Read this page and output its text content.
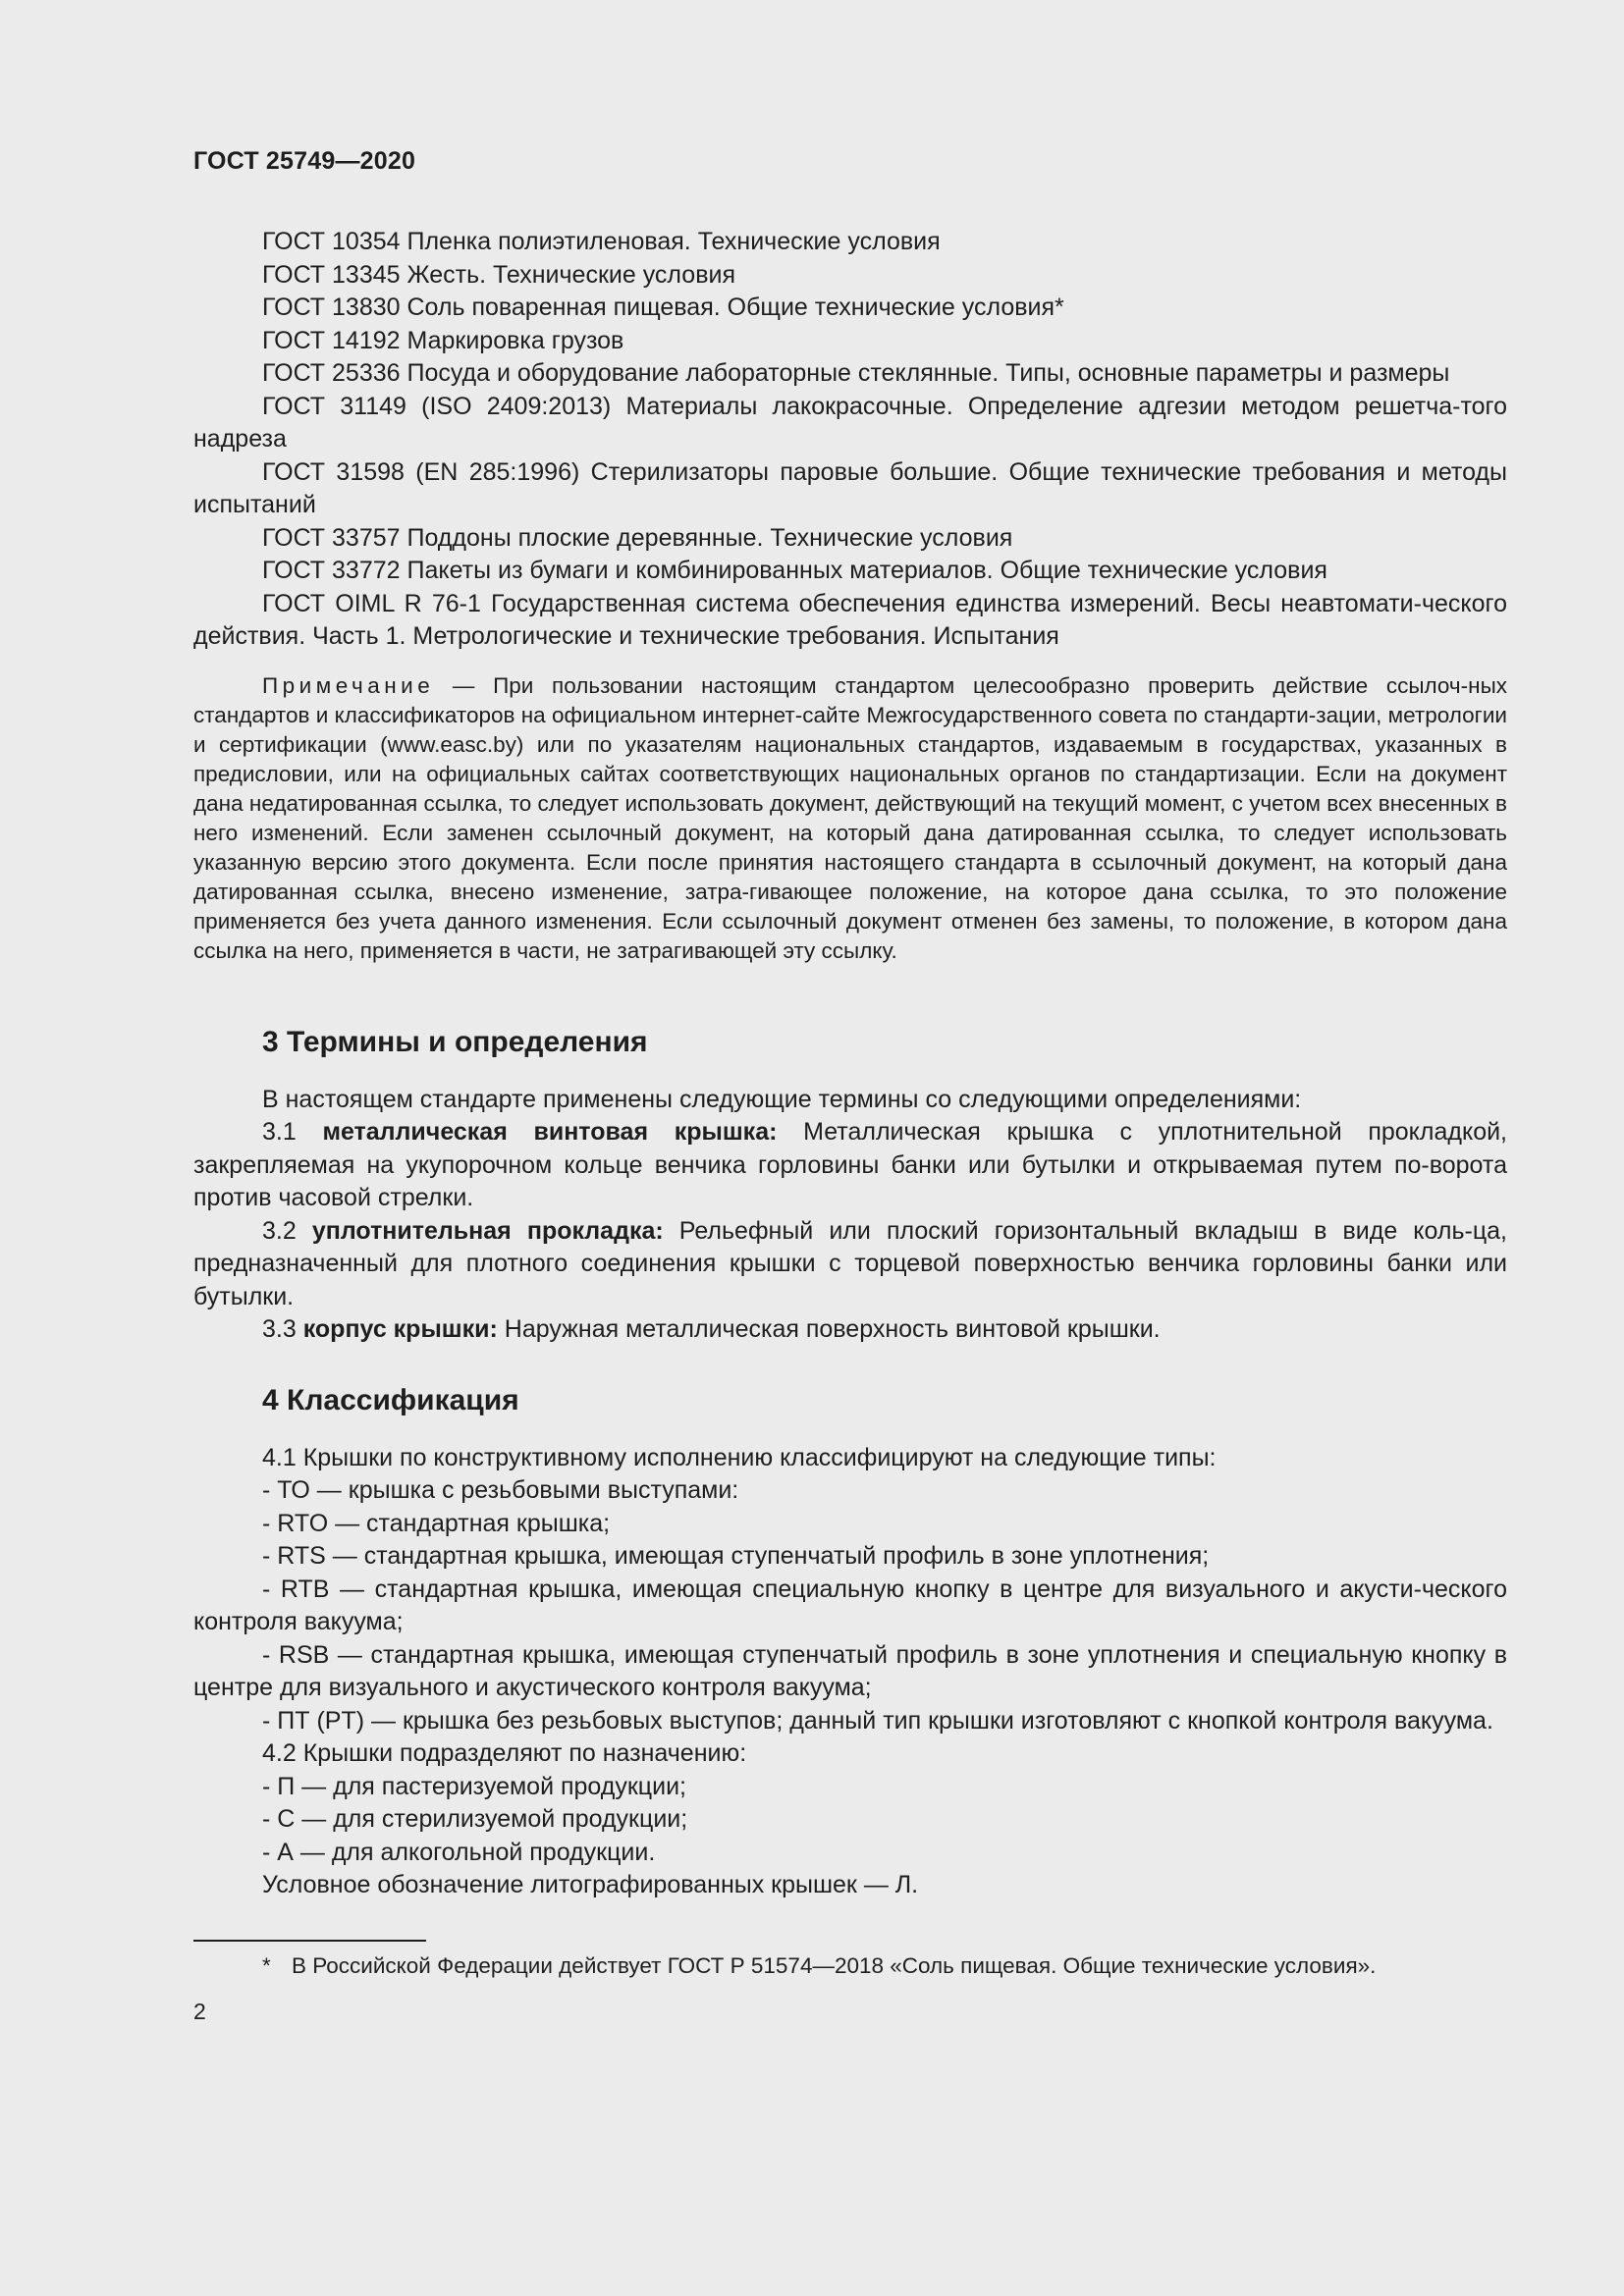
ГОСТ 25749—2020

ГОСТ 10354 Пленка полиэтиленовая. Технические условия

ГОСТ 13345 Жесть. Технические условия

ГОСТ 13830 Соль поваренная пищевая. Общие технические условия*

ГОСТ 14192 Маркировка грузов

ГОСТ 25336 Посуда и оборудование лабораторные стеклянные. Типы, основные параметры и размеры

ГОСТ 31149 (ISO 2409:2013) Материалы лакокрасочные. Определение адгезии методом решетча-того надреза

ГОСТ 31598 (EN 285:1996) Стерилизаторы паровые большие. Общие технические требования и методы испытаний

ГОСТ 33757 Поддоны плоские деревянные. Технические условия

ГОСТ 33772 Пакеты из бумаги и комбинированных материалов. Общие технические условия

ГОСТ OIML R 76-1 Государственная система обеспечения единства измерений. Весы неавтомати-ческого действия. Часть 1. Метрологические и технические требования. Испытания

Примечание — При пользовании настоящим стандартом целесообразно проверить действие ссылоч-ных стандартов и классификаторов на официальном интернет-сайте Межгосударственного совета по стандарти-зации, метрологии и сертификации (www.easc.by) или по указателям национальных стандартов, издаваемым в государствах, указанных в предисловии, или на официальных сайтах соответствующих национальных органов по стандартизации. Если на документ дана недатированная ссылка, то следует использовать документ, действующий на текущий момент, с учетом всех внесенных в него изменений. Если заменен ссылочный документ, на который дана датированная ссылка, то следует использовать указанную версию этого документа. Если после принятия настоящего стандарта в ссылочный документ, на который дана датированная ссылка, внесено изменение, затра-гивающее положение, на которое дана ссылка, то это положение применяется без учета данного изменения. Если ссылочный документ отменен без замены, то положение, в котором дана ссылка на него, применяется в части, не затрагивающей эту ссылку.
3 Термины и определения

В настоящем стандарте применены следующие термины со следующими определениями:

3.1 металлическая винтовая крышка: Металлическая крышка с уплотнительной прокладкой, закрепляемая на укупорочном кольце венчика горловины банки или бутылки и открываемая путем по-ворота против часовой стрелки.

3.2 уплотнительная прокладка: Рельефный или плоский горизонтальный вкладыш в виде коль-ца, предназначенный для плотного соединения крышки с торцевой поверхностью венчика горловины банки или бутылки.

3.3 корпус крышки: Наружная металлическая поверхность винтовой крышки.

4 Классификация

4.1 Крышки по конструктивному исполнению классифицируют на следующие типы:

- ТО — крышка с резьбовыми выступами:

- RTO — стандартная крышка;

- RTS — стандартная крышка, имеющая ступенчатый профиль в зоне уплотнения;

- RTB — стандартная крышка, имеющая специальную кнопку в центре для визуального и акусти-ческого контроля вакуума;

- RSB — стандартная крышка, имеющая ступенчатый профиль в зоне уплотнения и специальную кнопку в центре для визуального и акустического контроля вакуума;

- ПТ (PT) — крышка без резьбовых выступов; данный тип крышки изготовляют с кнопкой контроля вакуума.

4.2 Крышки подразделяют по назначению:

- П — для пастеризуемой продукции;

- С — для стерилизуемой продукции;

- А — для алкогольной продукции.

Условное обозначение литографированных крышек — Л.

* В Российской Федерации действует ГОСТ Р 51574—2018 «Соль пищевая. Общие технические условия».

2
